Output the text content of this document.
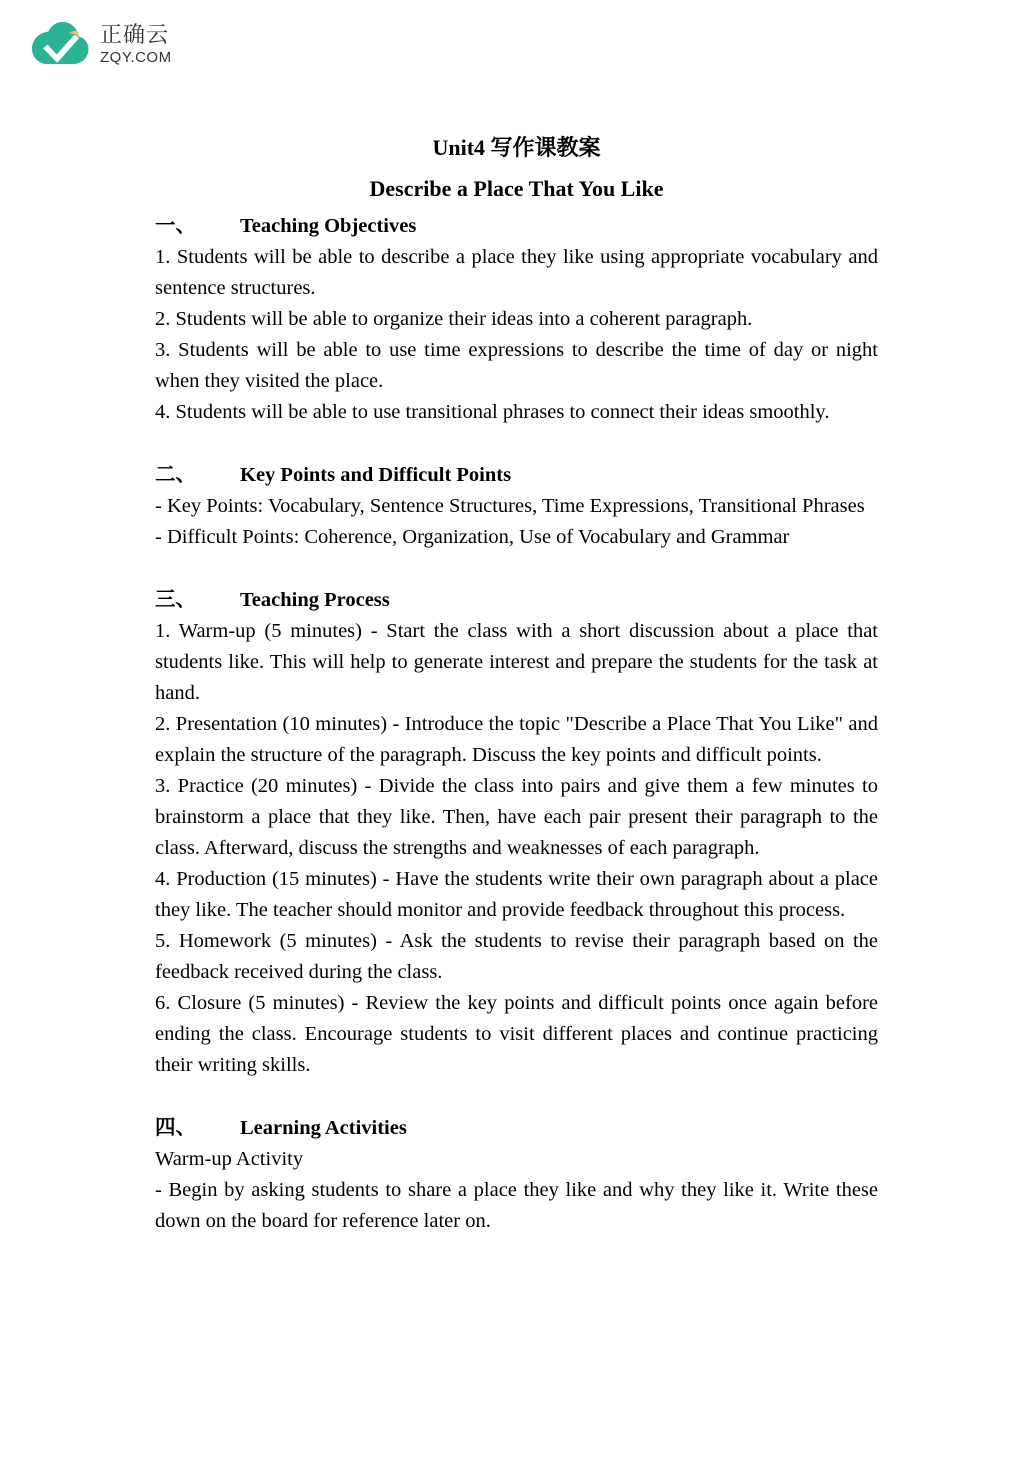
正确云
ZQY.COM
Unit4 写作课教案
Describe a Place That You Like
一、 Teaching Objectives

1. Students will be able to describe a place they like using appropriate vocabulary and sentence structures.

2. Students will be able to organize their ideas into a coherent paragraph.

3. Students will be able to use time expressions to describe the time of day or night when they visited the place.

4. Students will be able to use transitional phrases to connect their ideas smoothly.

二、 Key Points and Difficult Points

- Key Points: Vocabulary, Sentence Structures, Time Expressions, Transitional Phrases

- Difficult Points: Coherence, Organization, Use of Vocabulary and Grammar

三、 Teaching Process

1. Warm-up (5 minutes) - Start the class with a short discussion about a place that students like. This will help to generate interest and prepare the students for the task at hand.

2. Presentation (10 minutes) - Introduce the topic "Describe a Place That You Like" and explain the structure of the paragraph. Discuss the key points and difficult points.

3. Practice (20 minutes) - Divide the class into pairs and give them a few minutes to brainstorm a place that they like. Then, have each pair present their paragraph to the class. Afterward, discuss the strengths and weaknesses of each paragraph.

4. Production (15 minutes) - Have the students write their own paragraph about a place they like. The teacher should monitor and provide feedback throughout this process.

5. Homework (5 minutes) - Ask the students to revise their paragraph based on the feedback received during the class.

6. Closure (5 minutes) - Review the key points and difficult points once again before ending the class. Encourage students to visit different places and continue practicing their writing skills.

四、 Learning Activities

Warm-up Activity

- Begin by asking students to share a place they like and why they like it. Write these down on the board for reference later on.
